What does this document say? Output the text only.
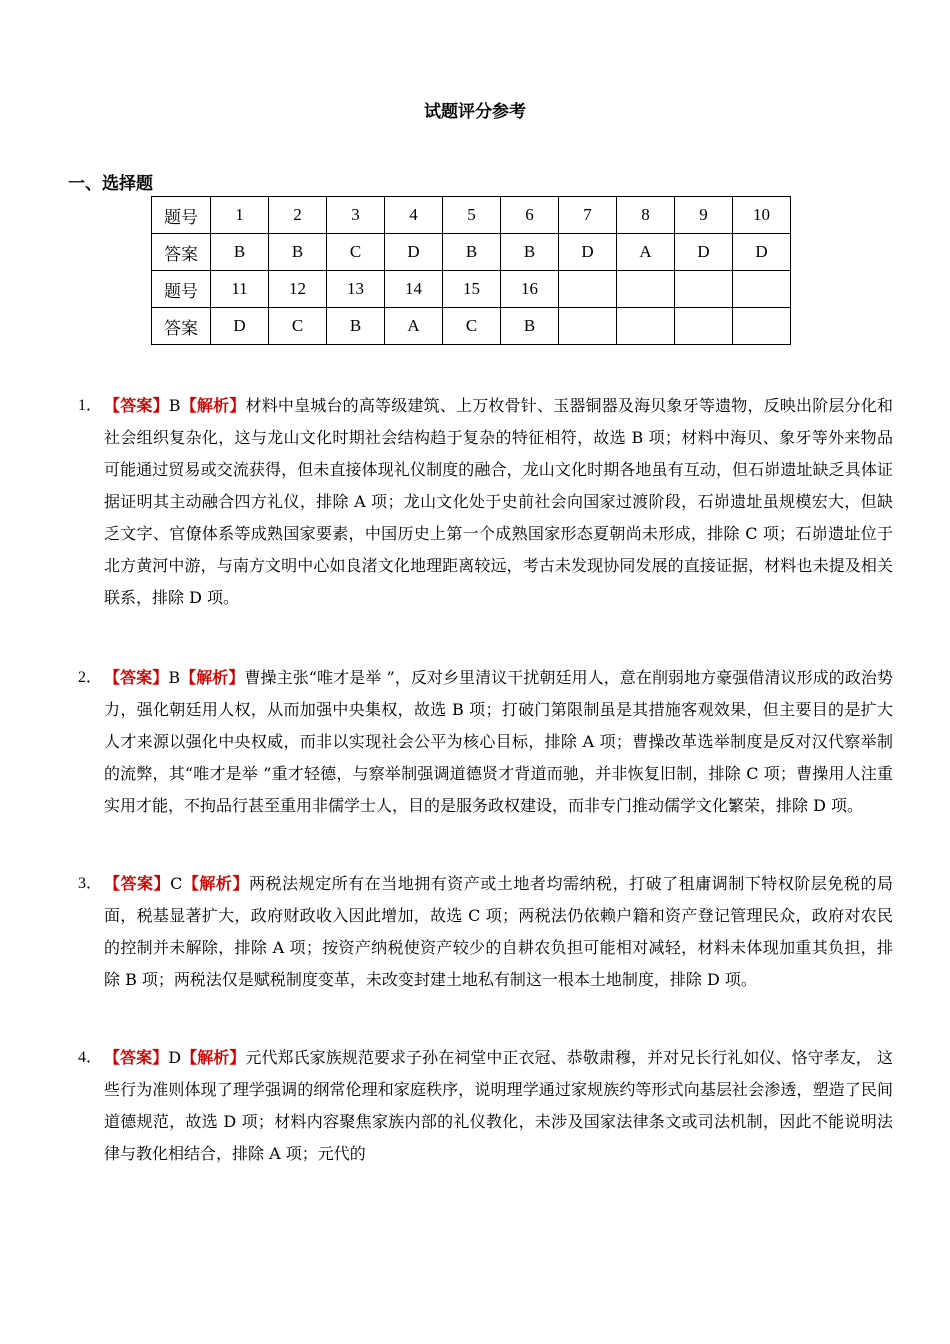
试题评分参考
一、选择题
题号	1	2	3	4	5	6	7	8	9	10
答案	B	B	C	D	B	B	D	A	D	D
题号	11	12	13	14	15	16				
答案	D	C	B	A	C	B				
1． 【答案】B【解析】材料中皇城台的高等级建筑、上万枚骨针、玉器铜器及海贝象牙等遗物，反映出阶层分化和社会组织复杂化，这与龙山文化时期社会结构趋于复杂的特征相符，故选 B 项；材料中海贝、象牙等外来物品可能通过贸易或交流获得，但未直接体现礼仪制度的融合，龙山文化时期各地虽有互动，但石峁遗址缺乏具体证据证明其主动融合四方礼仪，排除 A 项；龙山文化处于史前社会向国家过渡阶段，石峁遗址虽规模宏大，但缺乏文字、官僚体系等成熟国家要素，中国历史上第一个成熟国家形态夏朝尚未形成，排除 C 项；石峁遗址位于北方黄河中游，与南方文明中心如良渚文化地理距离较远，考古未发现协同发展的直接证据，材料也未提及相关联系，排除 D 项。
2． 【答案】B【解析】曹操主张“唯才是举 ”，反对乡里清议干扰朝廷用人，意在削弱地方豪强借清议形成的政治势力，强化朝廷用人权，从而加强中央集权，故选 B 项；打破门第限制虽是其措施客观效果，但主要目的是扩大人才来源以强化中央权威，而非以实现社会公平为核心目标，排除 A 项；曹操改革选举制度是反对汉代察举制的流弊，其“唯才是举 ”重才轻德，与察举制强调道德贤才背道而驰，并非恢复旧制，排除 C 项；曹操用人注重实用才能，不拘品行甚至重用非儒学士人，目的是服务政权建设，而非专门推动儒学文化繁荣，排除 D 项。
3． 【答案】C【解析】两税法规定所有在当地拥有资产或土地者均需纳税，打破了租庸调制下特权阶层免税的局面，税基显著扩大，政府财政收入因此增加，故选 C 项；两税法仍依赖户籍和资产登记管理民众，政府对农民的控制并未解除，排除 A 项；按资产纳税使资产较少的自耕农负担可能相对减轻，材料未体现加重其负担，排除 B 项；两税法仅是赋税制度变革，未改变封建土地私有制这一根本土地制度，排除 D 项。
4． 【答案】D【解析】元代郑氏家族规范要求子孙在祠堂中正衣冠、恭敬肃穆，并对兄长行礼如仪、恪守孝友， 这些行为准则体现了理学强调的纲常伦理和家庭秩序，说明理学通过家规族约等形式向基层社会渗透，塑造了民间道德规范，故选 D 项；材料内容聚焦家族内部的礼仪教化，未涉及国家法律条文或司法机制，因此不能说明法律与教化相结合，排除 A 项；元代的
